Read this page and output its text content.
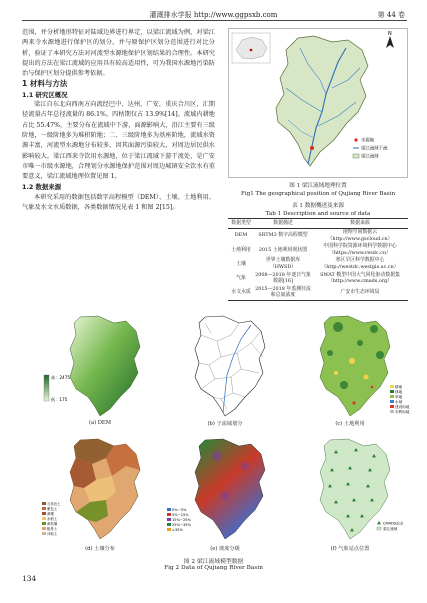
灌溉排水学报 http://www.ggpsxb.com	第 44 卷

范围，并分析地形特征对陆域边界进行界定，以梁江流域为例，对梁江两来寺水源地进行保护区的划分，并与原保护区划分范围进行对比分析，验证了本研究方法对河流型水源地保护区划结果的合理性。本研究提出的方法在梁江流域的应用具有较高适用性，可为我国水源地污染防治与保护区划分提供参考依据。

1 材料与方法

1.1 研究区概况

梁江自东北向西南方向流经巴中、达州、广安，重庆合川区，汇期径流量占年总径流量的 86.1%，四枯期仅占 13.9%[14]。流域内耕地占比 55.47%，主要分布在流域中下游，面源影响大，沿江主要有三级阶地，一级阶地多为堆积阶地；二、三级阶地多为基座阶地，流域水资源丰富，河流型水源地分布较多，因其面源污染较大，对周边居民供水影响较大。梁江西来寺饮用水源地，位于梁江流域下游干流处，是广安市唯一市级水源地，合理划分水源地保护范围对周边城镇安全饮水有重要意义，梁江流域地理位置见图 1。

1.2 数据来源

本研究采用的数据包括数字高程模型（DEM）、土壤、土地利用、气象及水文水质数据，各类数据情况见表 1 和图 2[15]。

N
水源地
梁江流域干流
梁江流域
图 1 梁江流域地理位置
Fig1 The geographical position of Qujiang River Basin
表 1 数据概述及来源
Tab 1 Description and source of data
数据类型	数据描述	数据来源
DEM	SRTM3 数字高程模型	地理空间数据云（http://www.gscloud.cn）
土地利用	2015 土地利用现状图	中国科学院资源环境科学数据中心（https://www.resdc.cn）
土壤	世界土壤数据库（HWSD）	寒区旱区科学数据中心（http://westdc.westgis.ac.cn）
气象	2008—2018 年逐日气象数据[16]	SWAT 模型中国大气同化驱动数据集（http://www.cmads.org）
水文水质	2015—2018 年监测径流和总氮浓度	广安市生态环境局
高：2475
低：175
(a) DEM	(b) 子流域划分
耕地
林地
草地
水域
建设用地
未利用地
(c) 土地利用
石灰岩土
紫色土
黄壤
水稻土
黄棕壤
粗骨土
冲积土
(d) 土壤分布
0%~5%
5%~15%
15%~25%
25%~35%
>35%
(e) 坡度分级
CMADS站点
梁江流域
(f) 气象站点位置
图 2 梁江流域模型数据
Fig 2 Data of Qujiang River Basin
134
